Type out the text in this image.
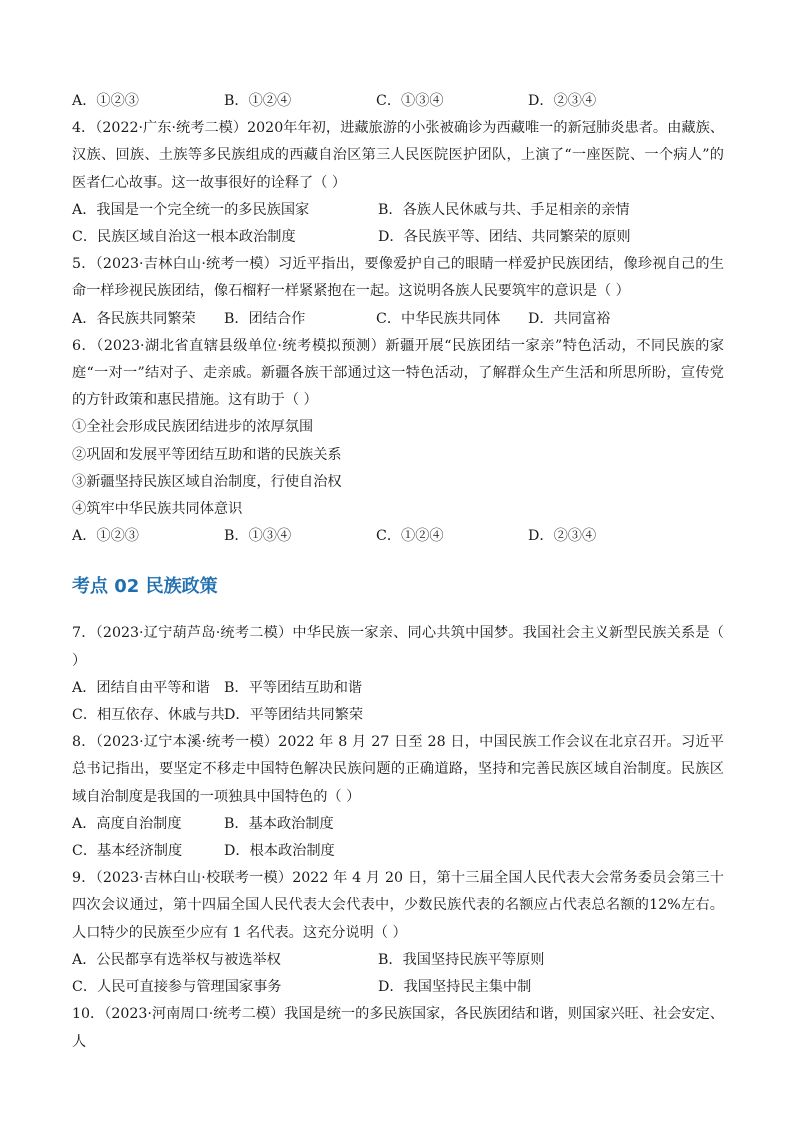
A．①②③	B．①②④	C．①③④	D．②③④
4．（2022·广东·统考二模）2020年年初，进藏旅游的小张被确诊为西藏唯一的新冠肺炎患者。由藏族、汉族、回族、土族等多民族组成的西藏自治区第三人民医院医护团队，上演了“一座医院、一个病人”的医者仁心故事。这一故事很好的诠释了（ ）
A．我国是一个完全统一的多民族国家	B．各族人民休戚与共、手足相亲的亲情
C．民族区域自治这一根本政治制度	D．各民族平等、团结、共同繁荣的原则
5．（2023·吉林白山·统考一模）习近平指出，要像爱护自己的眼睛一样爱护民族团结，像珍视自己的生命一样珍视民族团结，像石榴籽一样紧紧抱在一起。这说明各族人民要筑牢的意识是（ ）
A．各民族共同繁荣	B．团结合作	C．中华民族共同体	D．共同富裕
6．（2023·湖北省直辖县级单位·统考模拟预测）新疆开展“民族团结一家亲”特色活动，不同民族的家庭“一对一”结对子、走亲戚。新疆各族干部通过这一特色活动，了解群众生产生活和所思所盼，宣传党的方针政策和惠民措施。这有助于（ ）
①全社会形成民族团结进步的浓厚氛围
②巩固和发展平等团结互助和谐的民族关系
③新疆坚持民族区域自治制度，行使自治权
④筑牢中华民族共同体意识
A．①②③	B．①③④	C．①②④	D．②③④
考点 02 民族政策
7．（2023·辽宁葫芦岛·统考二模）中华民族一家亲、同心共筑中国梦。我国社会主义新型民族关系是（ ）
A．团结自由平等和谐 B．平等团结互助和谐
C．相互依存、休戚与共 D．平等团结共同繁荣
8．（2023·辽宁本溪·统考一模）2022 年 8 月 27 日至 28 日，中国民族工作会议在北京召开。习近平总书记指出，要坚定不移走中国特色解决民族问题的正确道路，坚持和完善民族区域自治制度。民族区域自治制度是我国的一项独具中国特色的（ ）
A．高度自治制度	B．基本政治制度
C．基本经济制度	D．根本政治制度
9．（2023·吉林白山·校联考一模）2022 年 4 月 20 日，第十三届全国人民代表大会常务委员会第三十四次会议通过，第十四届全国人民代表大会代表中，少数民族代表的名额应占代表总名额的12%左右。人口特少的民族至少应有 1 名代表。这充分说明（ ）
A．公民都享有选举权与被选举权	B．我国坚持民族平等原则
C．人民可直接参与管理国家事务	D．我国坚持民主集中制
10．（2023·河南周口·统考二模）我国是统一的多民族国家，各民族团结和谐，则国家兴旺、社会安定、人
